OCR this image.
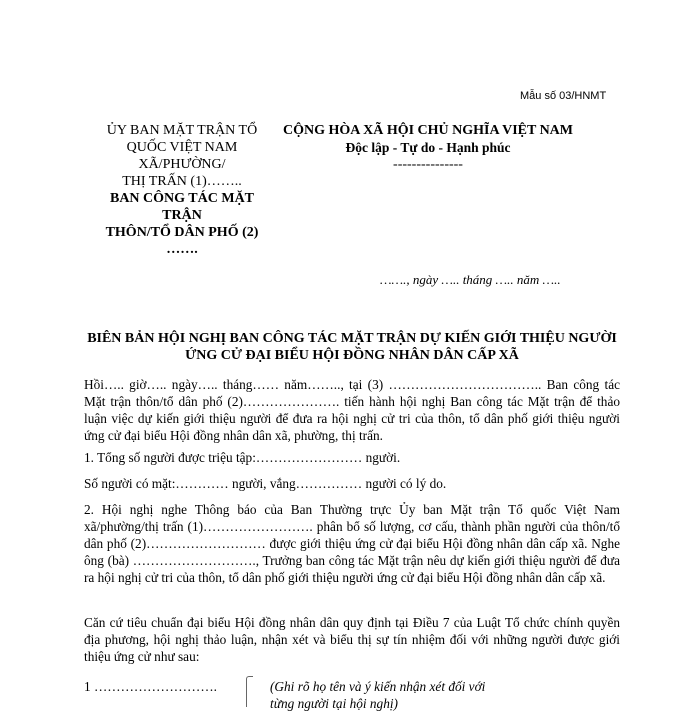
Mẫu số 03/HNMT
ỦY BAN MẶT TRẬN TỔ
QUỐC VIỆT NAM
XÃ/PHƯỜNG/
THỊ TRẤN (1)……..
BAN CÔNG TÁC MẶT
TRẬN
THÔN/TỔ DÂN PHỐ (2)
…….
CỘNG HÒA XÃ HỘI CHỦ NGHĨA VIỆT NAM
Độc lập - Tự do - Hạnh phúc
---------------
……., ngày ….. tháng ….. năm …..
BIÊN BẢN HỘI NGHỊ BAN CÔNG TÁC MẶT TRẬN DỰ KIẾN GIỚI THIỆU NGƯỜI
ỨNG CỬ ĐẠI BIỂU HỘI ĐỒNG NHÂN DÂN CẤP XÃ
Hồi….. giờ….. ngày….. tháng…… năm…….., tại (3) …………………………….. Ban công tác Mặt trận thôn/tổ dân phố (2)…………………. tiến hành hội nghị Ban công tác Mặt trận để thảo luận việc dự kiến giới thiệu người để đưa ra hội nghị cử tri của thôn, tổ dân phố giới thiệu người ứng cử đại biểu Hội đồng nhân dân xã, phường, thị trấn.
1. Tổng số người được triệu tập:…………………… người.
Số người có mặt:………… người, vắng…………… người có lý do.
2. Hội nghị nghe Thông báo của Ban Thường trực Ủy ban Mặt trận Tổ quốc Việt Nam xã/phường/thị trấn (1)……………………. phân bổ số lượng, cơ cấu, thành phần người của thôn/tổ dân phố (2)……………………… được giới thiệu ứng cử đại biểu Hội đồng nhân dân cấp xã. Nghe ông (bà) ………………………., Trưởng ban công tác Mặt trận nêu dự kiến giới thiệu người để đưa ra hội nghị cử tri của thôn, tổ dân phố giới thiệu người ứng cử đại biểu Hội đồng nhân dân cấp xã.
Căn cứ tiêu chuẩn đại biểu Hội đồng nhân dân quy định tại Điều 7 của Luật Tổ chức chính quyền địa phương, hội nghị thảo luận, nhận xét và biểu thị sự tín nhiệm đối với những người được giới thiệu ứng cử như sau:
1 ……………………….	(Ghi rõ họ tên và ý kiến nhận xét đối với
từng người tại hội nghị)
